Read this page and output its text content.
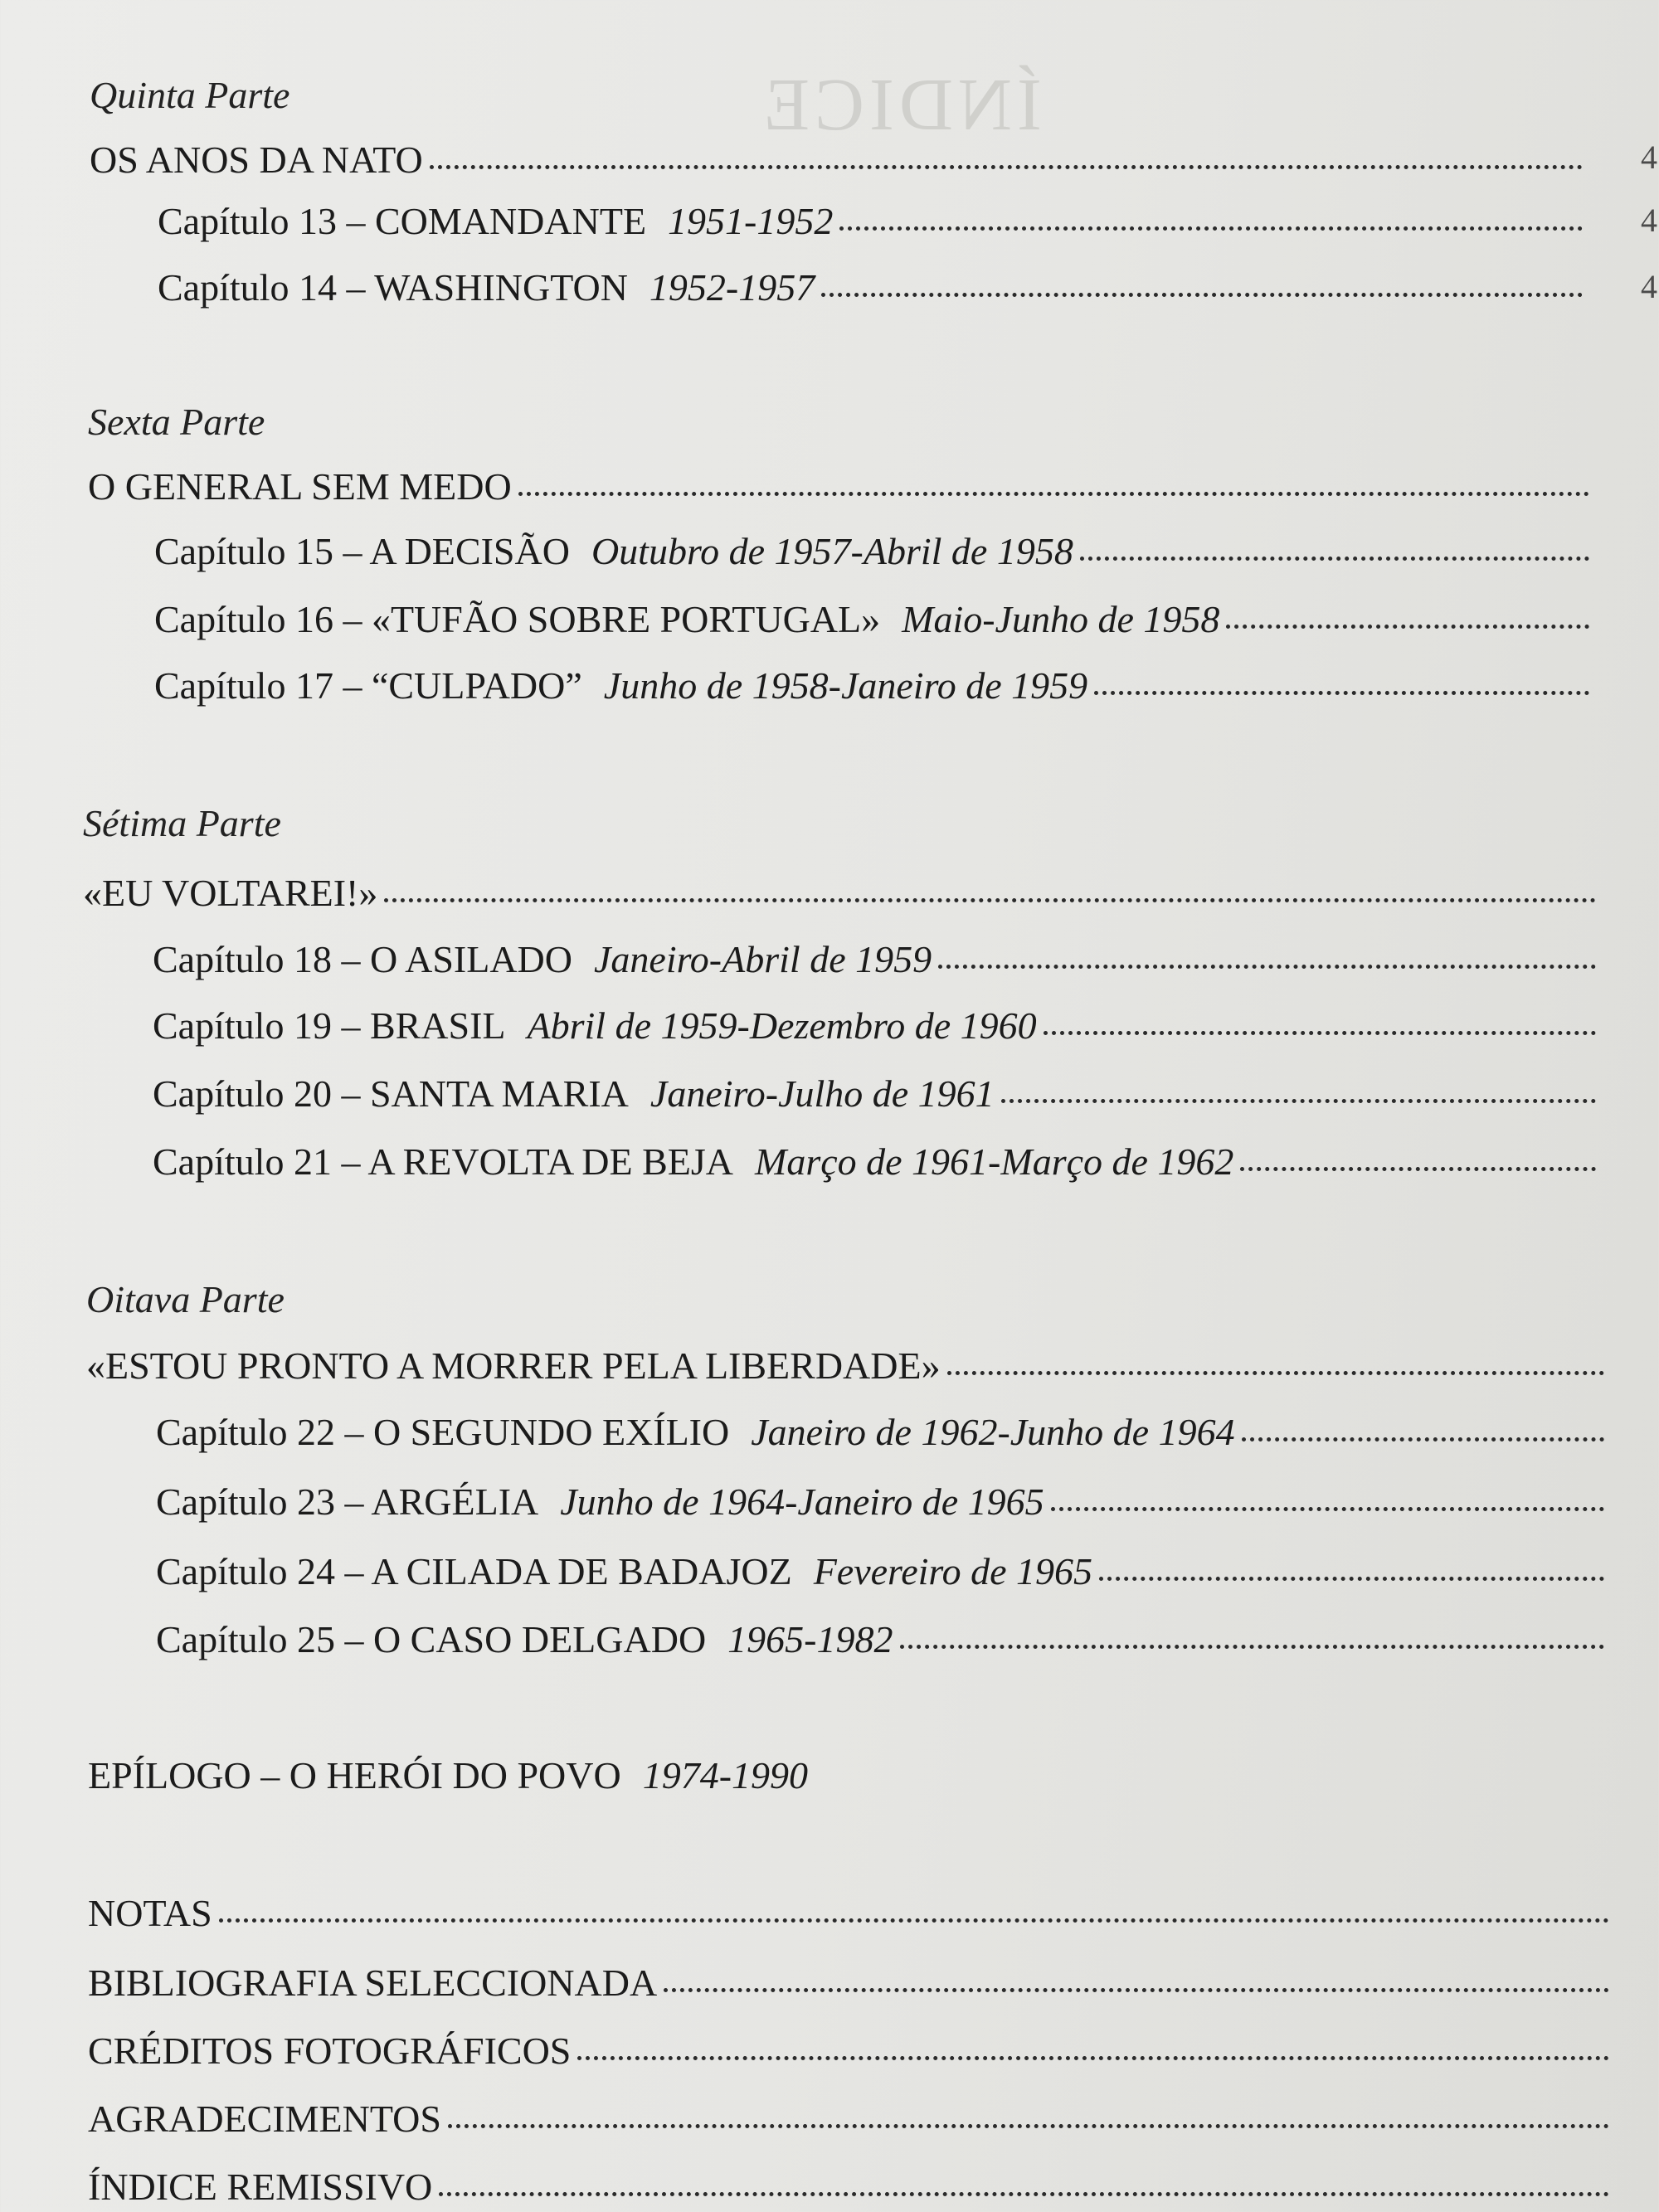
ÍNDICE
Quinta Parte
OS ANOS DA NATO	4
Capítulo 13 – COMANDANTE 1951-1952	4
Capítulo 14 – WASHINGTON 1952-1957	4
Sexta Parte
O GENERAL SEM MEDO
Capítulo 15 – A DECISÃO Outubro de 1957-Abril de 1958
Capítulo 16 – «TUFÃO SOBRE PORTUGAL» Maio-Junho de 1958
Capítulo 17 – “CULPADO” Junho de 1958-Janeiro de 1959
Sétima Parte
«EU VOLTAREI!»
Capítulo 18 – O ASILADO Janeiro-Abril de 1959
Capítulo 19 – BRASIL Abril de 1959-Dezembro de 1960
Capítulo 20 – SANTA MARIA Janeiro-Julho de 1961
Capítulo 21 – A REVOLTA DE BEJA Março de 1961-Março de 1962
Oitava Parte
«ESTOU PRONTO A MORRER PELA LIBERDADE»
Capítulo 22 – O SEGUNDO EXÍLIO Janeiro de 1962-Junho de 1964
Capítulo 23 – ARGÉLIA Junho de 1964-Janeiro de 1965
Capítulo 24 – A CILADA DE BADAJOZ Fevereiro de 1965
Capítulo 25 – O CASO DELGADO 1965-1982
EPÍLOGO – O HERÓI DO POVO 1974-1990
NOTAS
BIBLIOGRAFIA SELECCIONADA
CRÉDITOS FOTOGRÁFICOS
AGRADECIMENTOS
ÍNDICE REMISSIVO
